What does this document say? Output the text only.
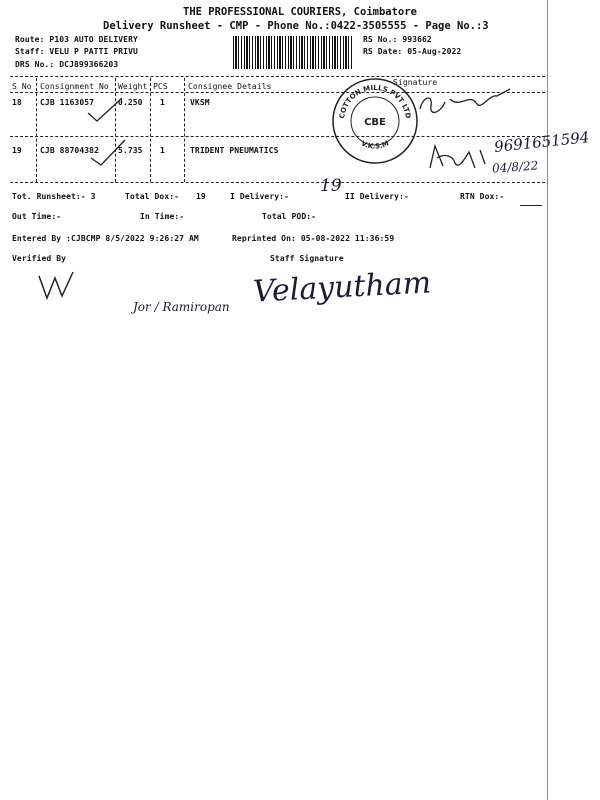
THE PROFESSIONAL COURIERS, Coimbatore
Delivery Runsheet - CMP - Phone No.:0422-3505555 - Page No.:3
Route: P103 AUTO DELIVERY
Staff: VELU P PATTI PRIVU
DRS No.: DCJ899366203
RS No.: 993662
RS Date: 05-Aug-2022
S No Consignment No Weight PCS	Consignee Details	Signature
18 CJB 1163057	0.250 1	VKSM
19 CJB 88704382 5.735 1	TRIDENT PNEUMATICS
COTTON MILLS PVT LTD
CBE
V.K.S.M	9691651594
04/8/22
Tot. Runsheet:- 3	Total Dox:- 19	I Delivery:-
19
II Delivery:-	RTN Dox:-
Out Time:-	In Time:-	Total POD:-
Entered By :CJBCMP 8/5/2022 9:26:27 AM	Reprinted On: 05-08-2022 11:36:59
Verified By	Staff Signature
Velayutham
Jor / Ramiropan
